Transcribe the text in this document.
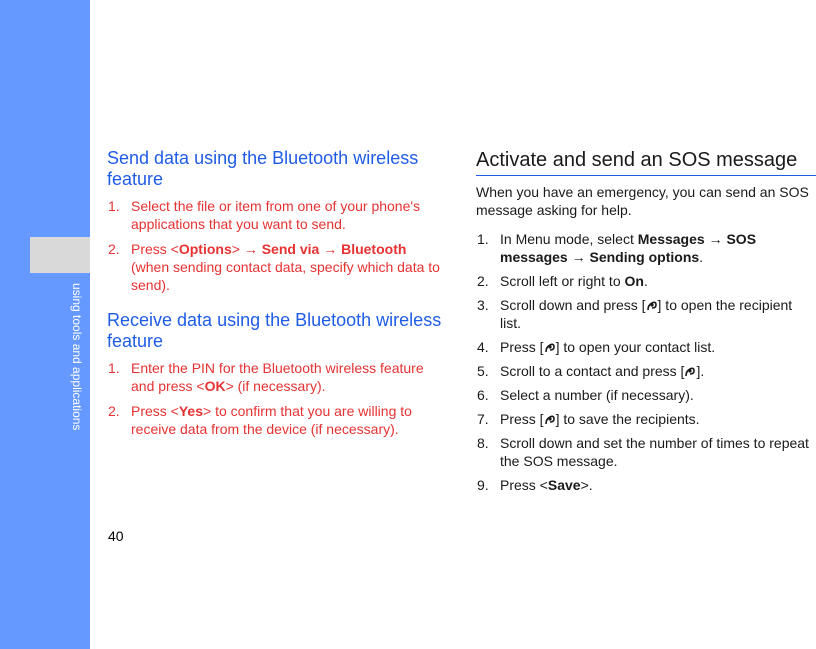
using tools and applications
40
Send data using the Bluetooth wireless feature
1. Select the file or item from one of your phone's applications that you want to send.
2. Press <Options> → Send via → Bluetooth (when sending contact data, specify which data to send).
Receive data using the Bluetooth wireless feature
1. Enter the PIN for the Bluetooth wireless feature and press <OK> (if necessary).
2. Press <Yes> to confirm that you are willing to receive data from the device (if necessary).
Activate and send an SOS message

When you have an emergency, you can send an SOS message asking for help.

1. In Menu mode, select Messages → SOS messages → Sending options.
2. Scroll left or right to On.
3. Scroll down and press [ ] to open the recipient list.
4. Press [ ] to open your contact list.
5. Scroll to a contact and press [ ].
6. Select a number (if necessary).
7. Press [ ] to save the recipients.
8. Scroll down and set the number of times to repeat the SOS message.
9. Press <Save>.
